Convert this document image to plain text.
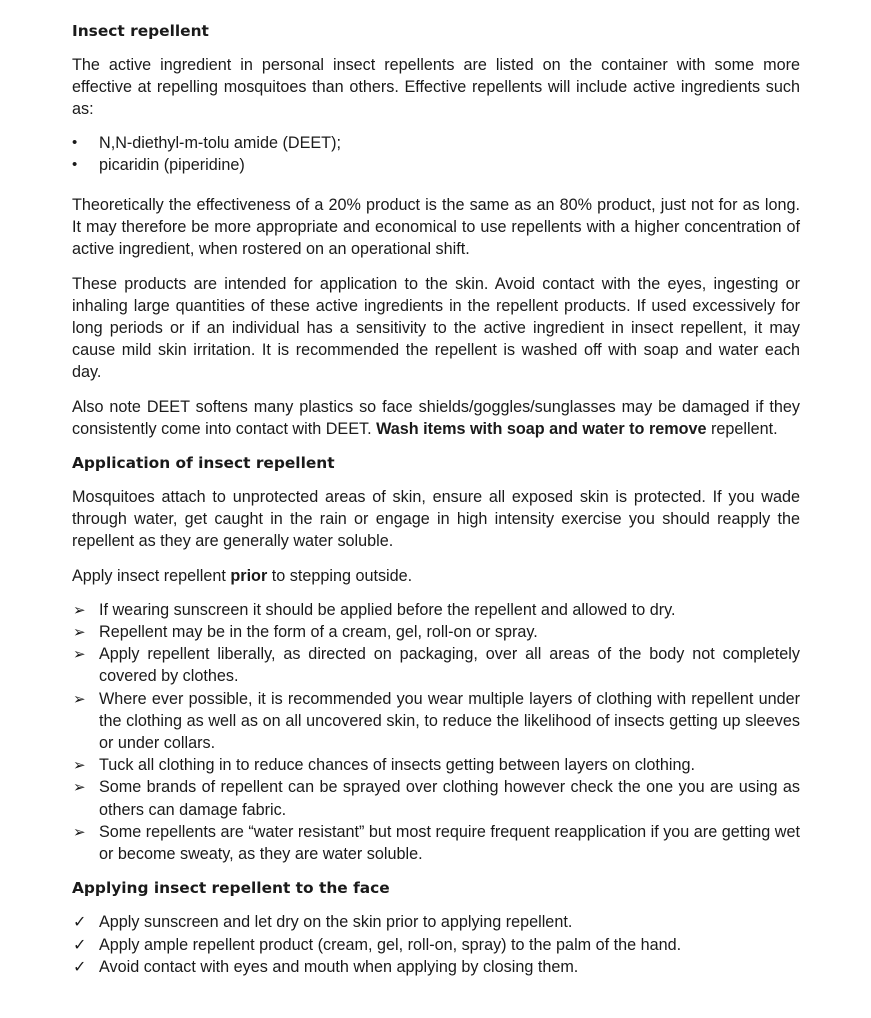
Insect repellent

The active ingredient in personal insect repellents are listed on the container with some more effective at repelling mosquitoes than others. Effective repellents will include active ingredients such as:

•	N,N-diethyl-m-tolu amide (DEET);
•	picaridin (piperidine)

Theoretically the effectiveness of a 20% product is the same as an 80% product, just not for as long. It may therefore be more appropriate and economical to use repellents with a higher concentration of active ingredient, when rostered on an operational shift.

These products are intended for application to the skin. Avoid contact with the eyes, ingesting or inhaling large quantities of these active ingredients in the repellent products. If used excessively for long periods or if an individual has a sensitivity to the active ingredient in insect repellent, it may cause mild skin irritation. It is recommended the repellent is washed off with soap and water each day.

Also note DEET softens many plastics so face shields/goggles/sunglasses may be damaged if they consistently come into contact with DEET. Wash items with soap and water to remove repellent.

Application of insect repellent

Mosquitoes attach to unprotected areas of skin, ensure all exposed skin is protected. If you wade through water, get caught in the rain or engage in high intensity exercise you should reapply the repellent as they are generally water soluble.

Apply insect repellent prior to stepping outside.

➢ If wearing sunscreen it should be applied before the repellent and allowed to dry.
➢ Repellent may be in the form of a cream, gel, roll-on or spray.
➢ Apply repellent liberally, as directed on packaging, over all areas of the body not completely covered by clothes.
➢ Where ever possible, it is recommended you wear multiple layers of clothing with repellent under the clothing as well as on all uncovered skin, to reduce the likelihood of insects getting up sleeves or under collars.
➢ Tuck all clothing in to reduce chances of insects getting between layers on clothing.
➢ Some brands of repellent can be sprayed over clothing however check the one you are using as others can damage fabric.
➢ Some repellents are “water resistant” but most require frequent reapplication if you are getting wet or become sweaty, as they are water soluble.
Applying insect repellent to the face
✓ Apply sunscreen and let dry on the skin prior to applying repellent.
✓ Apply ample repellent product (cream, gel, roll-on, spray) to the palm of the hand.
✓ Avoid contact with eyes and mouth when applying by closing them.
